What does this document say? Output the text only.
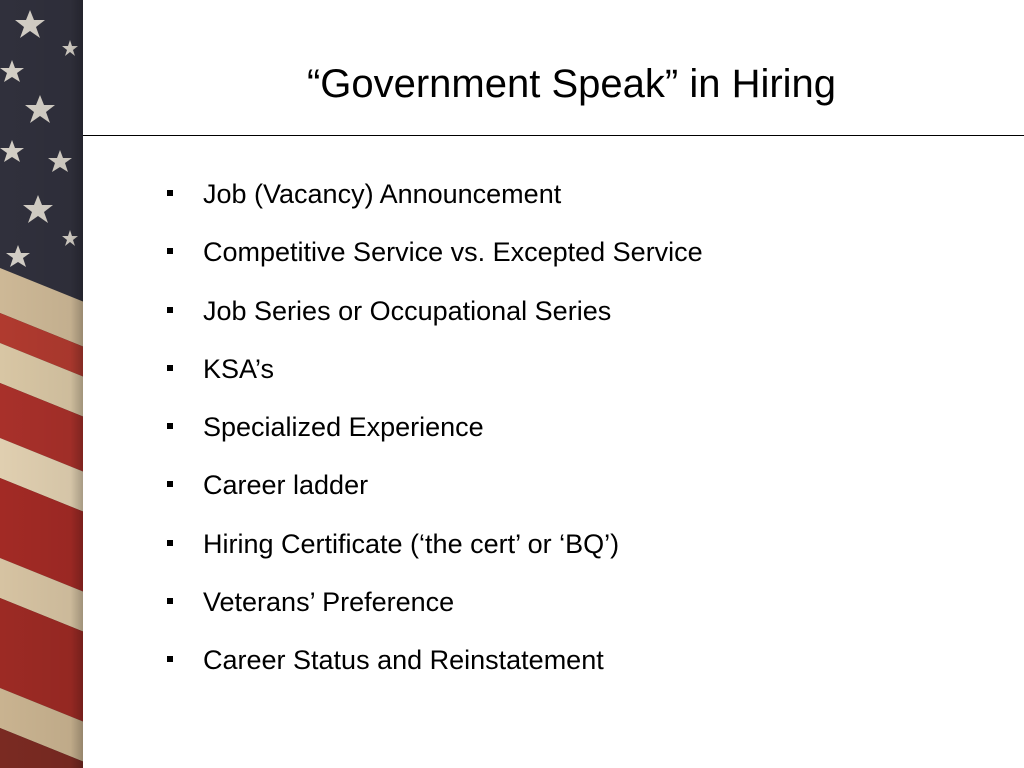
“Government Speak” in Hiring
Job (Vacancy) Announcement
Competitive Service vs. Excepted Service
Job Series or Occupational Series
KSA’s
Specialized Experience
Career ladder
Hiring Certificate (‘the cert’ or ‘BQ’)
Veterans’ Preference
Career Status and Reinstatement
